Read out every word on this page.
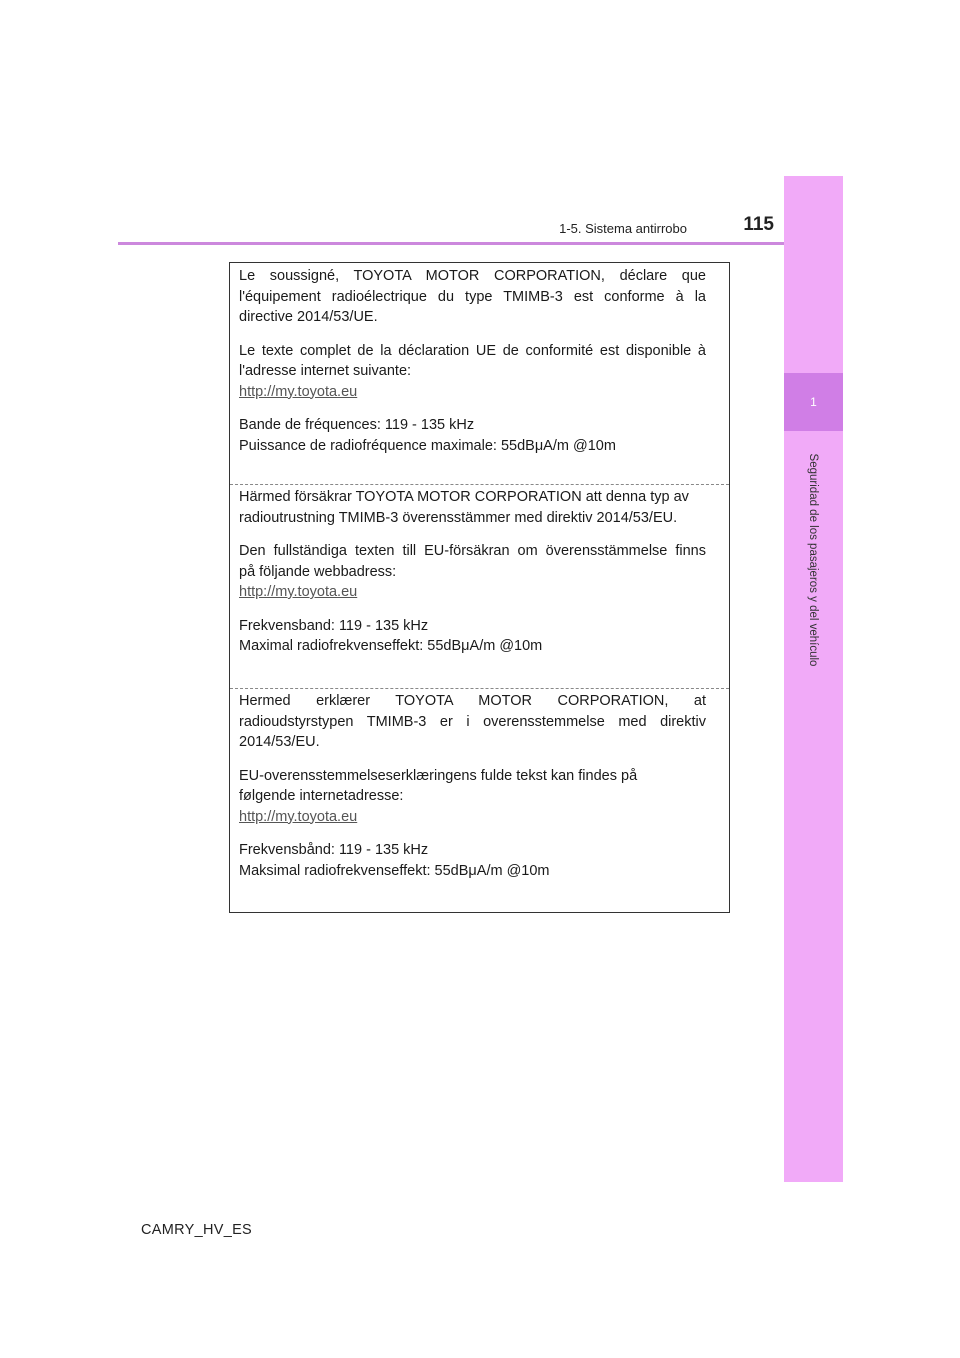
1-5. Sistema antirrobo	115
1
Seguridad de los pasajeros y del vehículo

Le soussigné, TOYOTA MOTOR CORPORATION, déclare que

l'équipement radioélectrique du type TMIMB-3 est conforme à la

directive 2014/53/UE.

Le texte complet de la déclaration UE de conformité est disponible à

l'adresse internet suivante:

http://my.toyota.eu

Bande de fréquences: 119 - 135 kHz

Puissance de radiofréquence maximale: 55dBμA/m @10m

Härmed försäkrar TOYOTA MOTOR CORPORATION att denna typ av

radioutrustning TMIMB-3 överensstämmer med direktiv 2014/53/EU.

Den fullständiga texten till EU-försäkran om överensstämmelse finns

på följande webbadress:

http://my.toyota.eu

Frekvensband: 119 - 135 kHz

Maximal radiofrekvenseffekt: 55dBμA/m @10m

Hermed erklærer TOYOTA MOTOR CORPORATION, at

radioudstyrstypen TMIMB-3 er i overensstemmelse med direktiv

2014/53/EU.

EU-overensstemmelseserklæringens fulde tekst kan findes på

følgende internetadresse:

http://my.toyota.eu

Frekvensbånd: 119 - 135 kHz

Maksimal radiofrekvenseffekt: 55dBμA/m @10m

CAMRY_HV_ES
